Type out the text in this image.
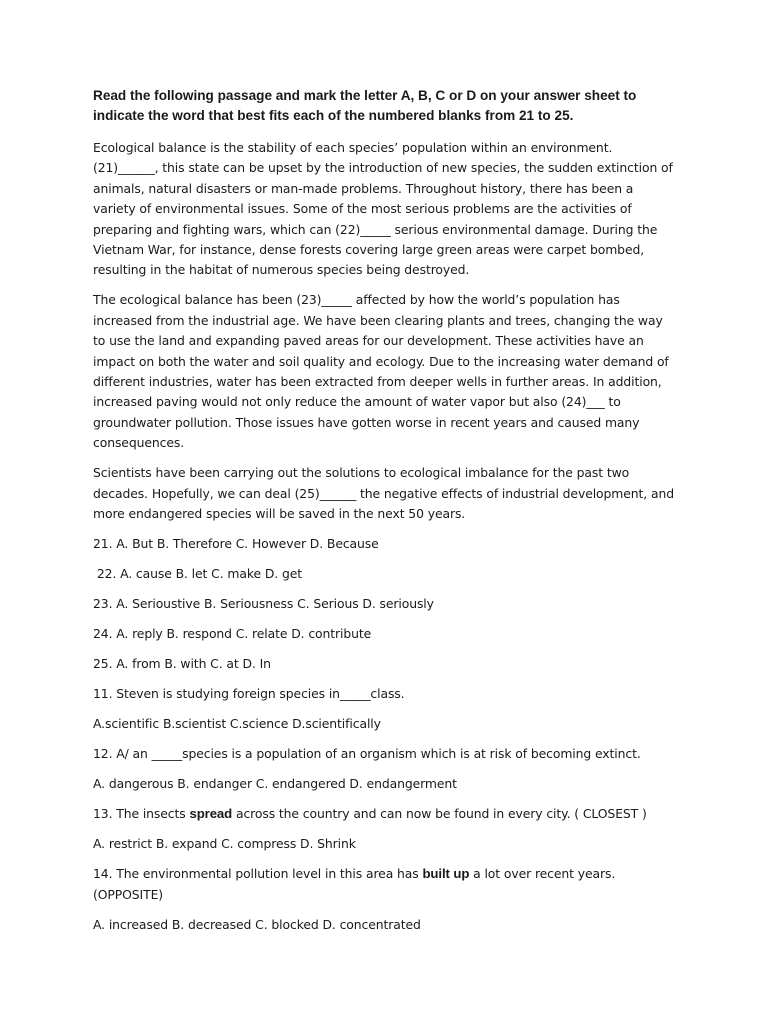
Read the following passage and mark the letter A, B, C or D on your answer sheet to indicate the word that best fits each of the numbered blanks from 21 to 25.

Ecological balance is the stability of each species’ population within an environment. (21)______, this state can be upset by the introduction of new species, the sudden extinction of animals, natural disasters or man-made problems. Throughout history, there has been a variety of environmental issues. Some of the most serious problems are the activities of preparing and fighting wars, which can (22)_____ serious environmental damage. During the Vietnam War, for instance, dense forests covering large green areas were carpet bombed, resulting in the habitat of numerous species being destroyed.

The ecological balance has been (23)_____ affected by how the world’s population has increased from the industrial age. We have been clearing plants and trees, changing the way to use the land and expanding paved areas for our development. These activities have an impact on both the water and soil quality and ecology. Due to the increasing water demand of different industries, water has been extracted from deeper wells in further areas. In addition, increased paving would not only reduce the amount of water vapor but also (24)___ to groundwater pollution. Those issues have gotten worse in recent years and caused many consequences.

Scientists have been carrying out the solutions to ecological imbalance for the past two decades. Hopefully, we can deal (25)______ the negative effects of industrial development, and more endangered species will be saved in the next 50 years.

21. A. But B. Therefore C. However D. Because

22. A. cause B. let C. make D. get

23. A. Serioustive B. Seriousness C. Serious D. seriously

24. A. reply B. respond C. relate D. contribute

25. A. from B. with C. at D. In

11. Steven is studying foreign species in_____class.

A.scientific B.scientist C.science D.scientifically

12. A/ an _____species is a population of an organism which is at risk of becoming extinct.

A. dangerous B. endanger C. endangered D. endangerment

13. The insects spread across the country and can now be found in every city. ( CLOSEST )

A. restrict B. expand C. compress D. Shrink

14. The environmental pollution level in this area has built up a lot over recent years. (OPPOSITE)

A. increased B. decreased C. blocked D. concentrated
